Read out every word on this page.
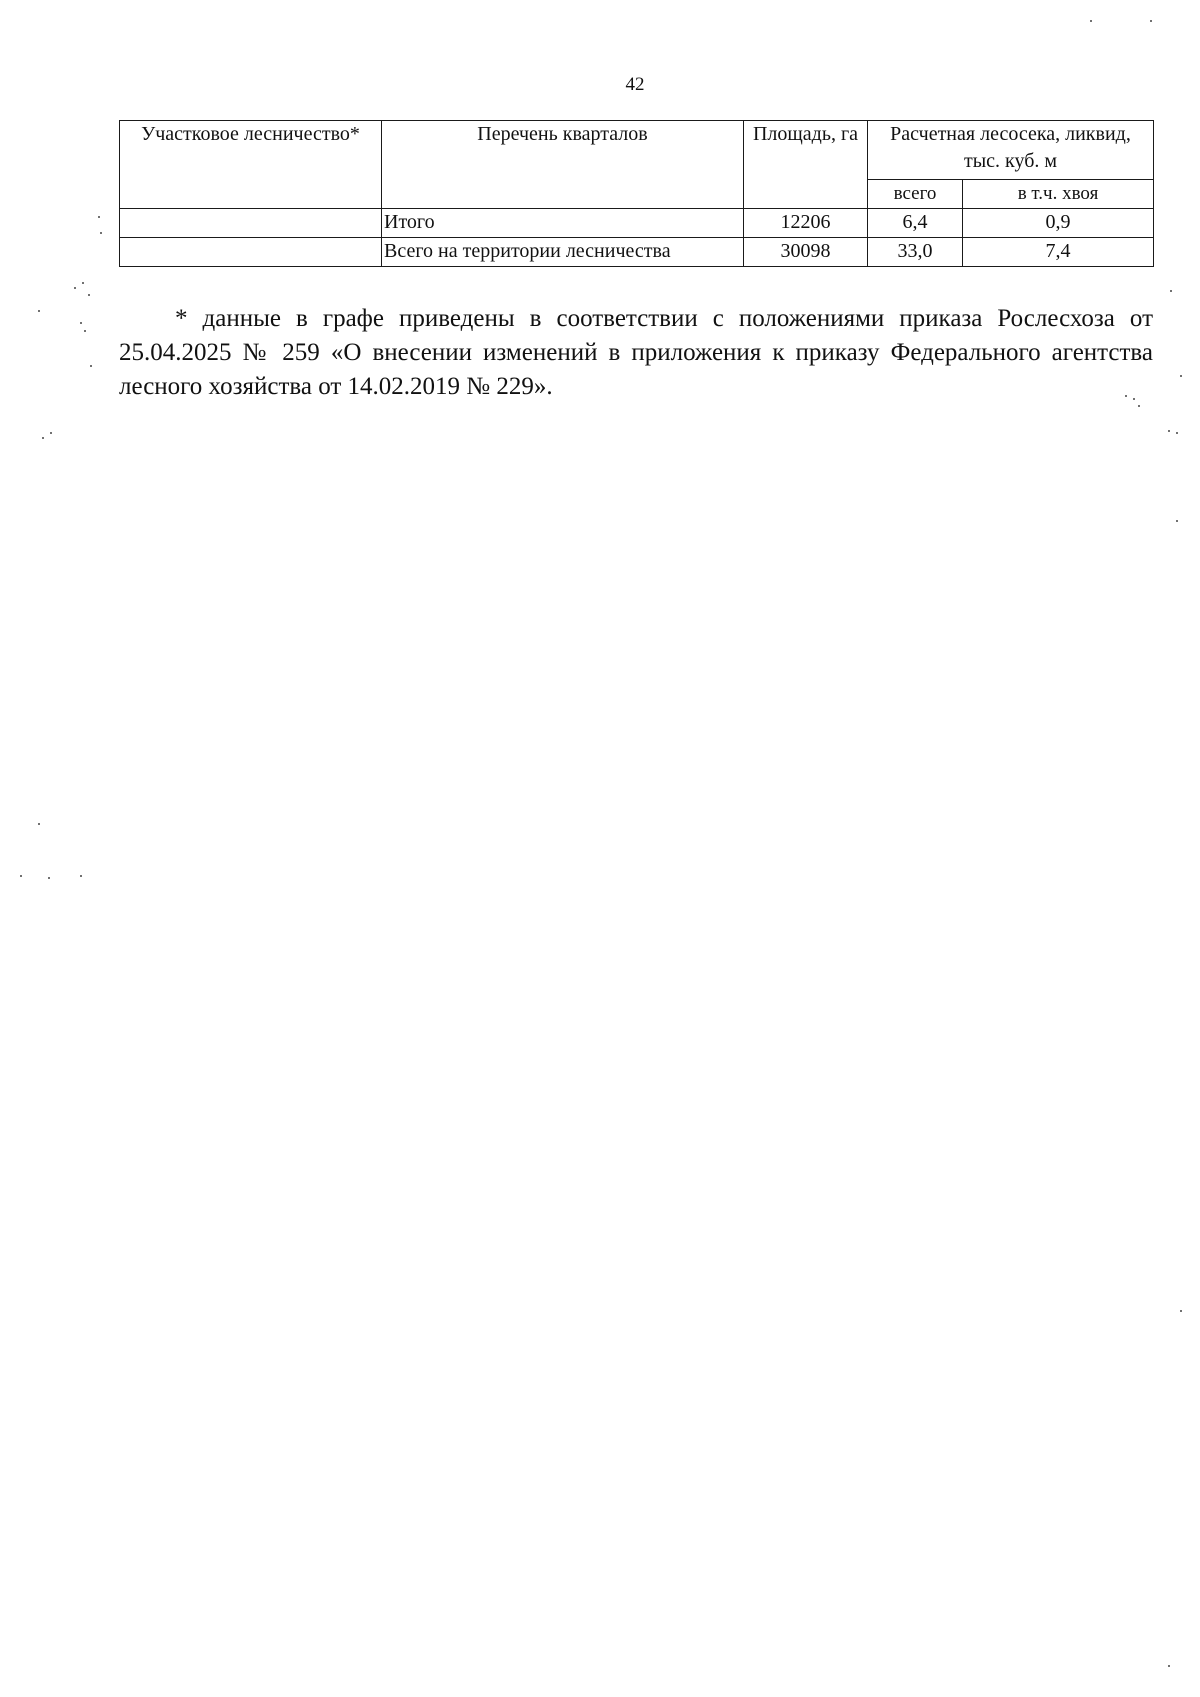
42
Участковое лесничество*	Перечень кварталов	Площадь, га	Расчетная лесосека, ликвид, тыс. куб. м	
			всего	в т.ч. хвоя
	Итого	12206	6,4	0,9
	Всего на территории лесничества	30098	33,0	7,4

* данные в графе приведены в соответствии с положениями приказа Рослесхоза от 25.04.2025 № 259 «О внесении изменений в приложения к приказу Федерального агентства лесного хозяйства от 14.02.2019 № 229».
